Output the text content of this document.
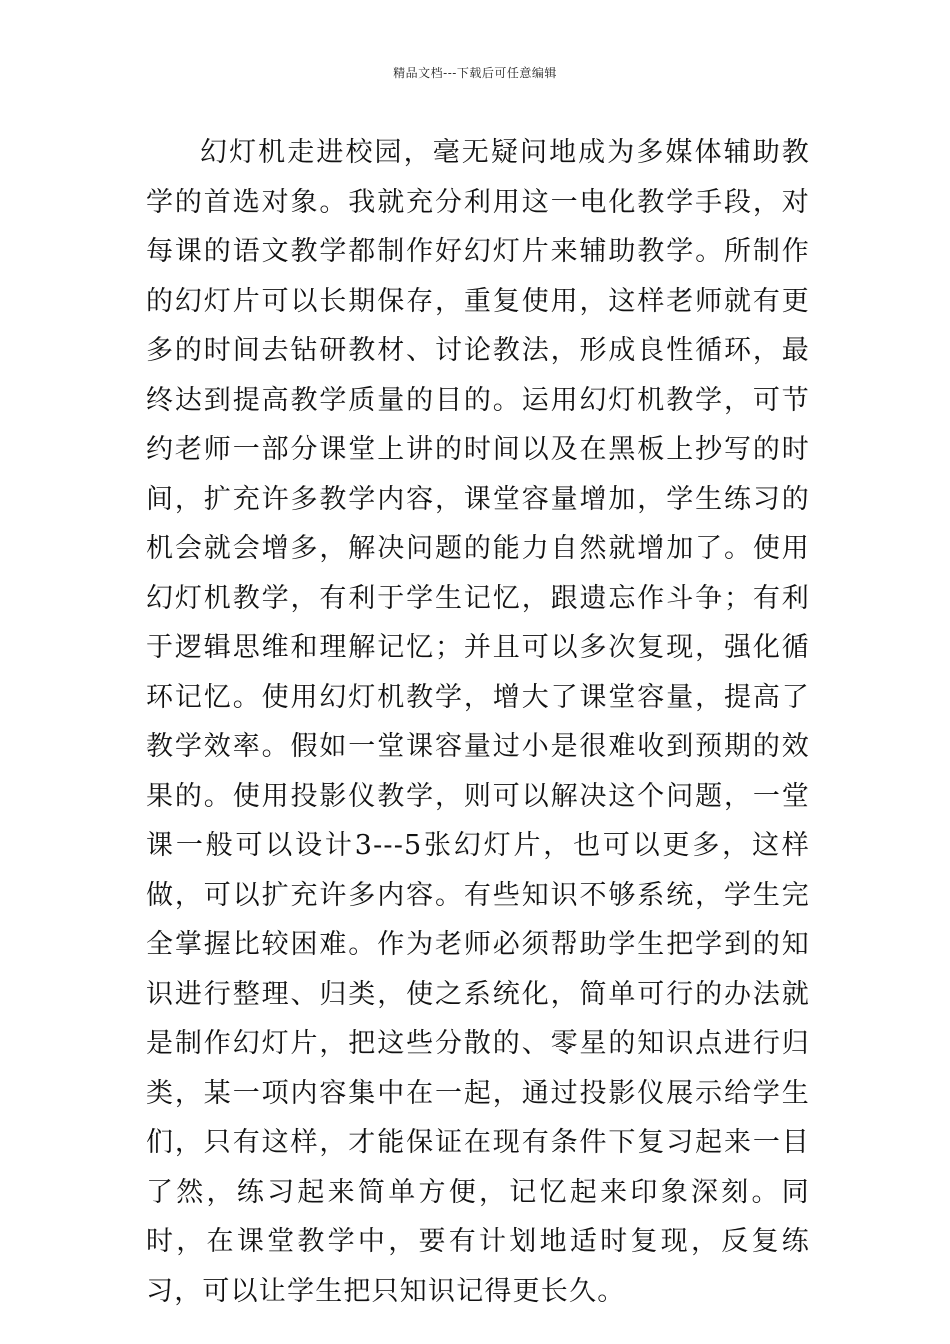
精品文档---下载后可任意编辑

幻灯机走进校园，毫无疑问地成为多媒体辅助教学的首选对象。我就充分利用这一电化教学手段，对每课的语文教学都制作好幻灯片来辅助教学。所制作的幻灯片可以长期保存，重复使用，这样老师就有更多的时间去钻研教材、讨论教法，形成良性循环，最终达到提高教学质量的目的。运用幻灯机教学，可节约老师一部分课堂上讲的时间以及在黑板上抄写的时间，扩充许多教学内容，课堂容量增加，学生练习的机会就会增多，解决问题的能力自然就增加了。使用幻灯机教学，有利于学生记忆，跟遗忘作斗争；有利于逻辑思维和理解记忆；并且可以多次复现，强化循环记忆。使用幻灯机教学，增大了课堂容量，提高了教学效率。假如一堂课容量过小是很难收到预期的效果的。使用投影仪教学，则可以解决这个问题，一堂课一般可以设计3---5张幻灯片，也可以更多，这样做，可以扩充许多内容。有些知识不够系统，学生完全掌握比较困难。作为老师必须帮助学生把学到的知识进行整理、归类，使之系统化，简单可行的办法就是制作幻灯片，把这些分散的、零星的知识点进行归类，某一项内容集中在一起，通过投影仪展示给学生们，只有这样，才能保证在现有条件下复习起来一目了然，练习起来简单方便，记忆起来印象深刻。同时，在课堂教学中，要有计划地适时复现，反复练习，可以让学生把只知识记得更长久。
